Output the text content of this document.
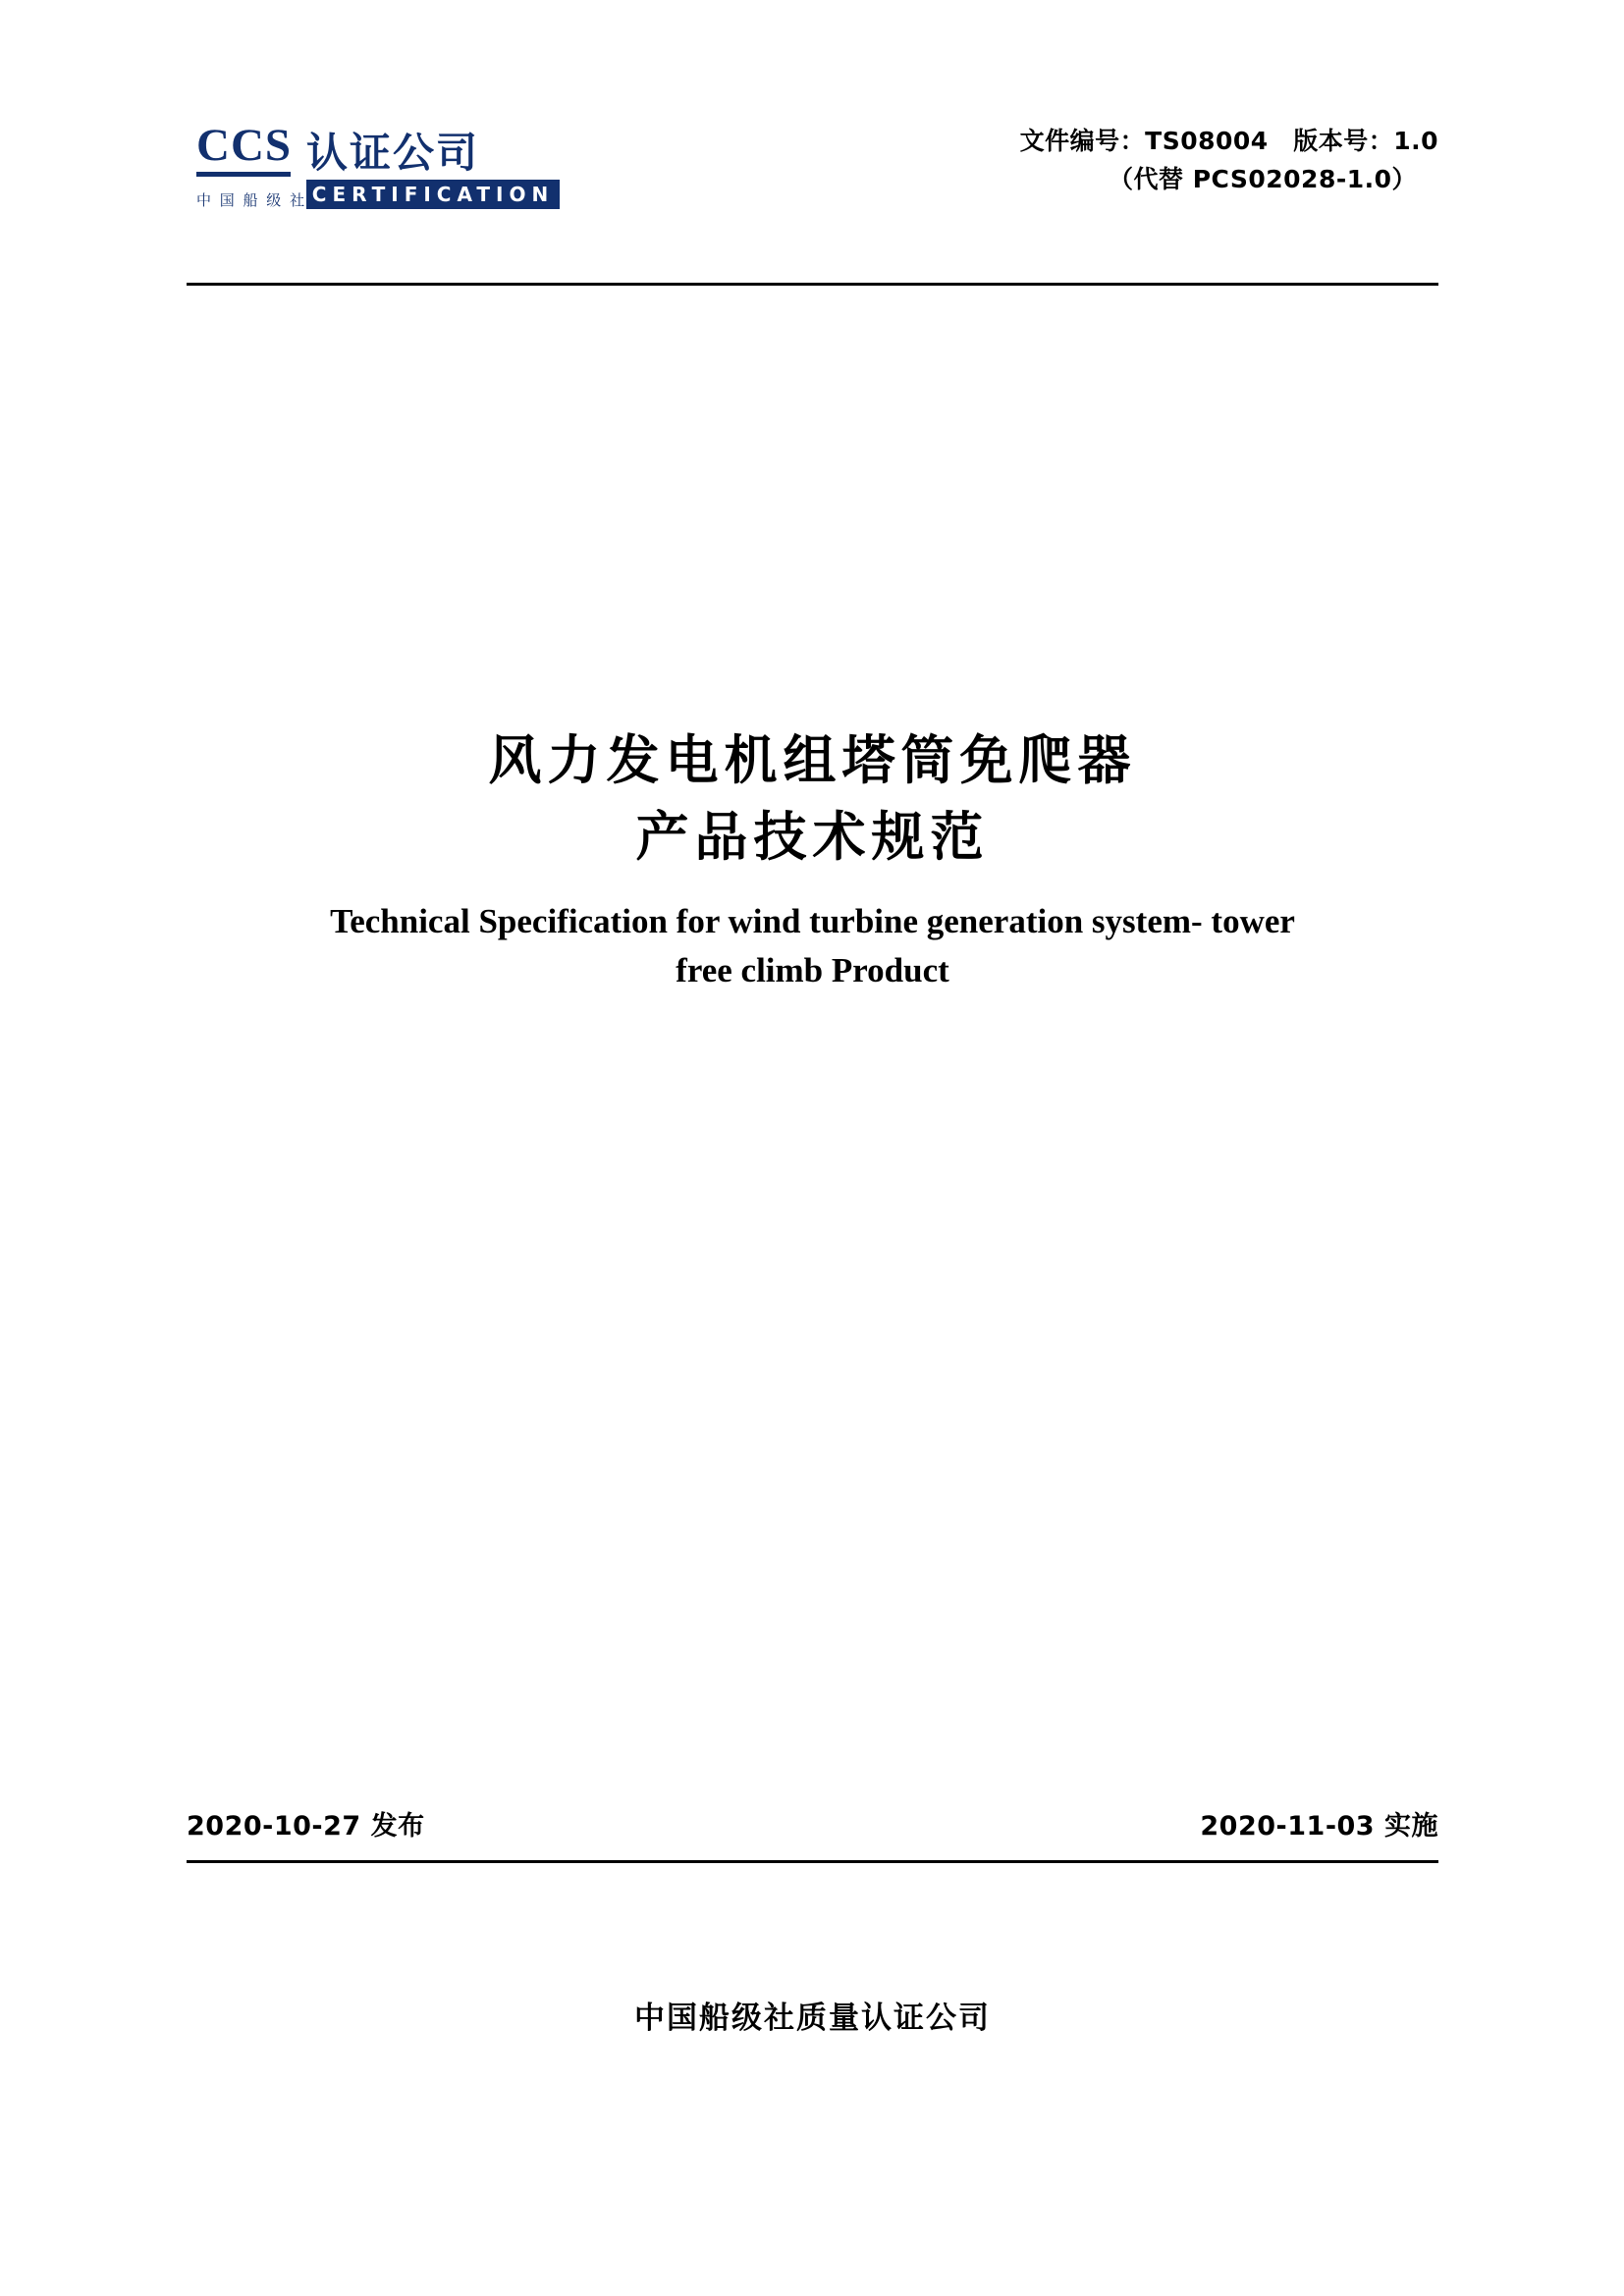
CCS
中 国 船 级 社
认证公司
CERTIFICATION
文件编号：TS08004　版本号：1.0
（代替 PCS02028-1.0）
风力发电机组塔筒免爬器
产品技术规范
Technical Specification for wind turbine generation system- tower
free climb Product
2020-10-27 发布	2020-11-03 实施
中国船级社质量认证公司
